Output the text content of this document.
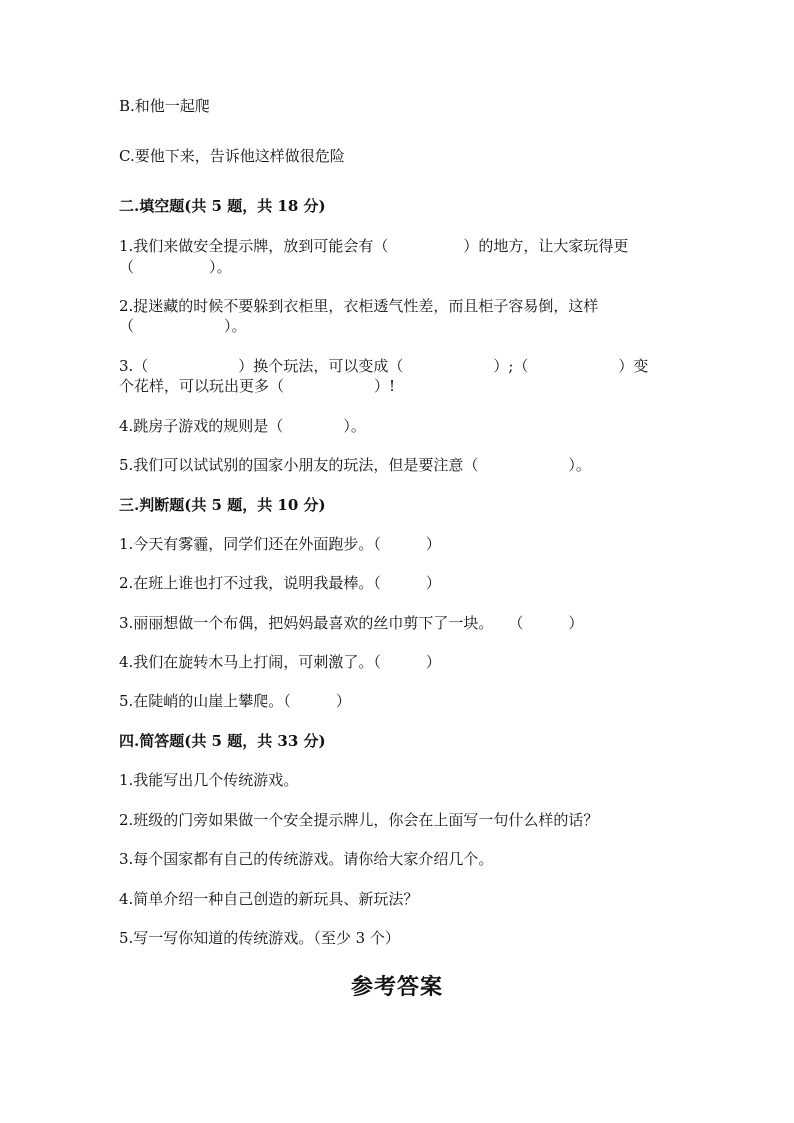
B.和他一起爬
C.要他下来，告诉他这样做很危险
二.填空题(共 5 题，共 18 分)
1.我们来做安全提示牌，放到可能会有（　　　　　）的地方，让大家玩得更
（　　　　　）。
2.捉迷藏的时候不要躲到衣柜里，衣柜透气性差，而且柜子容易倒，这样
（　　　　　　）。
3.（　　　　　　）换个玩法，可以变成（　　　　　　）;（　　　　　　）变
个花样，可以玩出更多（　　　　　　）!
4.跳房子游戏的规则是（　　　　）。
5.我们可以试试别的国家小朋友的玩法，但是要注意（　　　　　　）。
三.判断题(共 5 题，共 10 分)
1.今天有雾霾，同学们还在外面跑步。（　　　）
2.在班上谁也打不过我，说明我最棒。（　　　）
3.丽丽想做一个布偶，把妈妈最喜欢的丝巾剪下了一块。　　（　　　）
4.我们在旋转木马上打闹，可刺激了。（　　　）
5.在陡峭的山崖上攀爬。（　　　）
四.简答题(共 5 题，共 33 分)
1.我能写出几个传统游戏。
2.班级的门旁如果做一个安全提示牌儿，你会在上面写一句什么样的话？
3.每个国家都有自己的传统游戏。请你给大家介绍几个。
4.简单介绍一种自己创造的新玩具、新玩法？
5.写一写你知道的传统游戏。（至少 3 个）
参考答案
